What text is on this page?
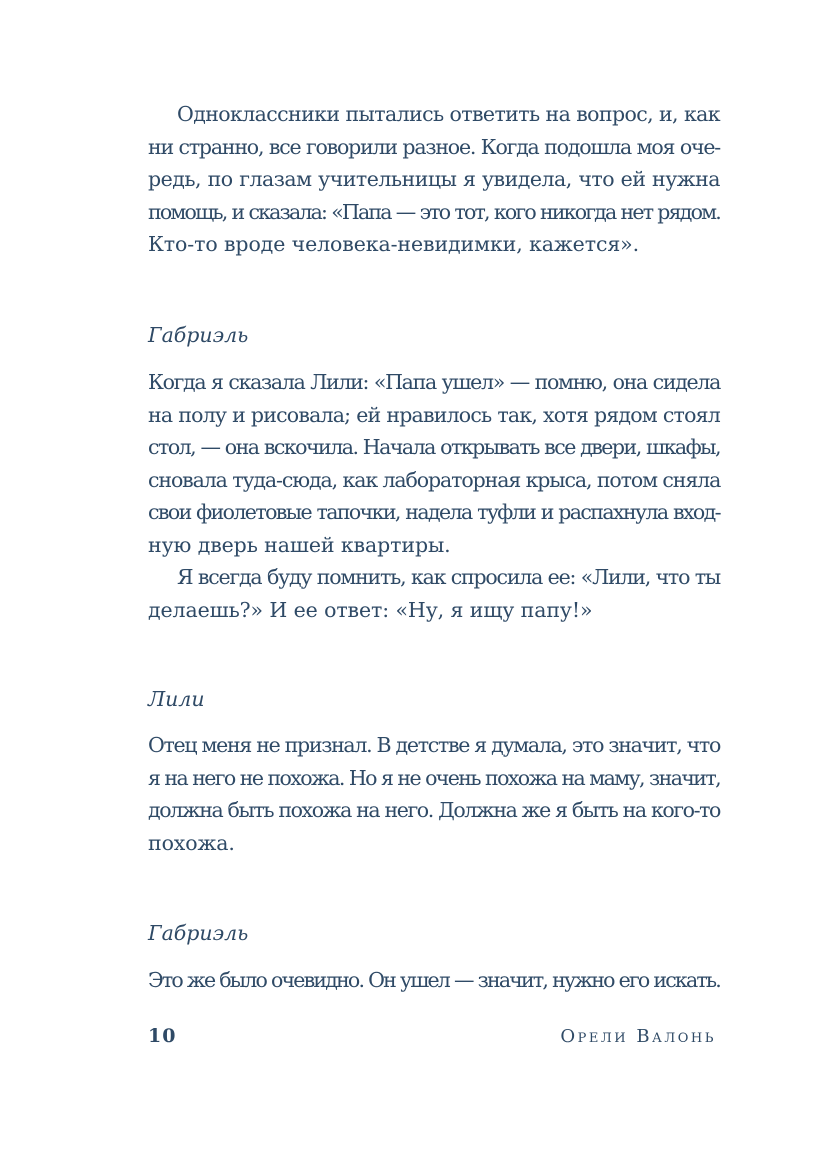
Одноклассники пытались ответить на вопрос, и, как
ни странно, все говорили разное. Когда подошла моя оче-
редь, по глазам учительницы я увидела, что ей нужна
помощь, и сказала: «Папа — это тот, кого никогда нет рядом.
Кто-то вроде человека-невидимки, кажется».
Габриэль
Когда я сказала Лили: «Папа ушел» — помню, она сидела
на полу и рисовала; ей нравилось так, хотя рядом стоял
стол, — она вскочила. Начала открывать все двери, шкафы,
сновала туда-сюда, как лабораторная крыса, потом сняла
свои фиолетовые тапочки, надела туфли и распахнула вход-
ную дверь нашей квартиры.
Я всегда буду помнить, как спросила ее: «Лили, что ты
делаешь?» И ее ответ: «Ну, я ищу папу!»
Лили
Отец меня не признал. В детстве я думала, это значит, что
я на него не похожа. Но я не очень похожа на маму, значит,
должна быть похожа на него. Должна же я быть на кого-то
похожа.
Габриэль
Это же было очевидно. Он ушел — значит, нужно его искать.
10	Орели Валонь
